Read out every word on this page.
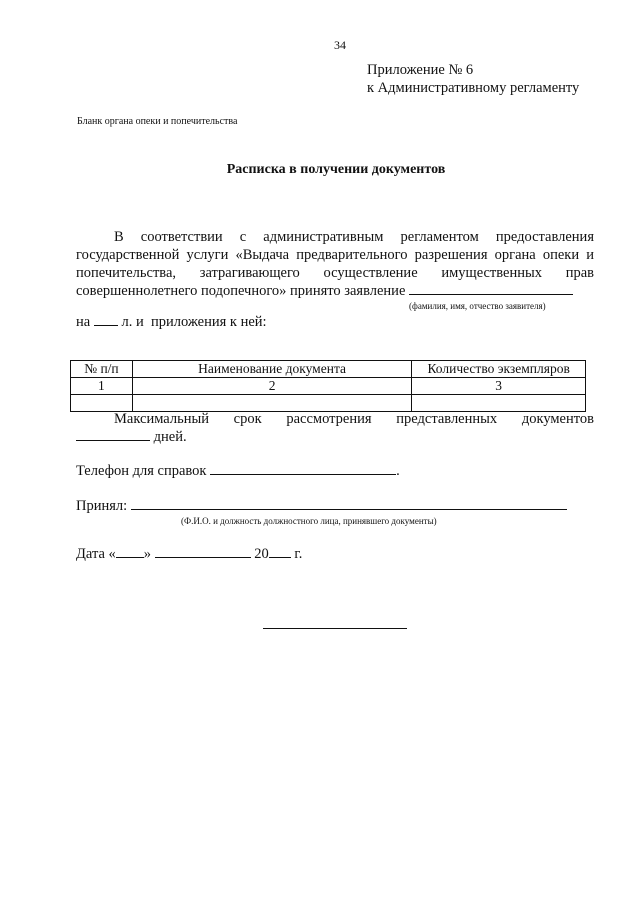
34
Приложение № 6
к Административному регламенту
Бланк органа опеки и попечительства
Расписка в получении документов
В соответствии с административным регламентом предоставления
государственной услуги «Выдача предварительного разрешения органа опеки и
попечительства, затрагивающего осуществление имущественных прав
совершеннолетнего подопечного» принято заявление
(фамилия, имя, отчество заявителя)
на л. и приложения к ней:
№ п/п	Наименование документа	Количество экземпляров
1	2	3

Максимальный срок рассмотрения представленных документов
дней.
Телефон для справок	.
Принял:
(Ф.И.О. и должность должностного лица, принявшего документы)
Дата « »	20 г.
